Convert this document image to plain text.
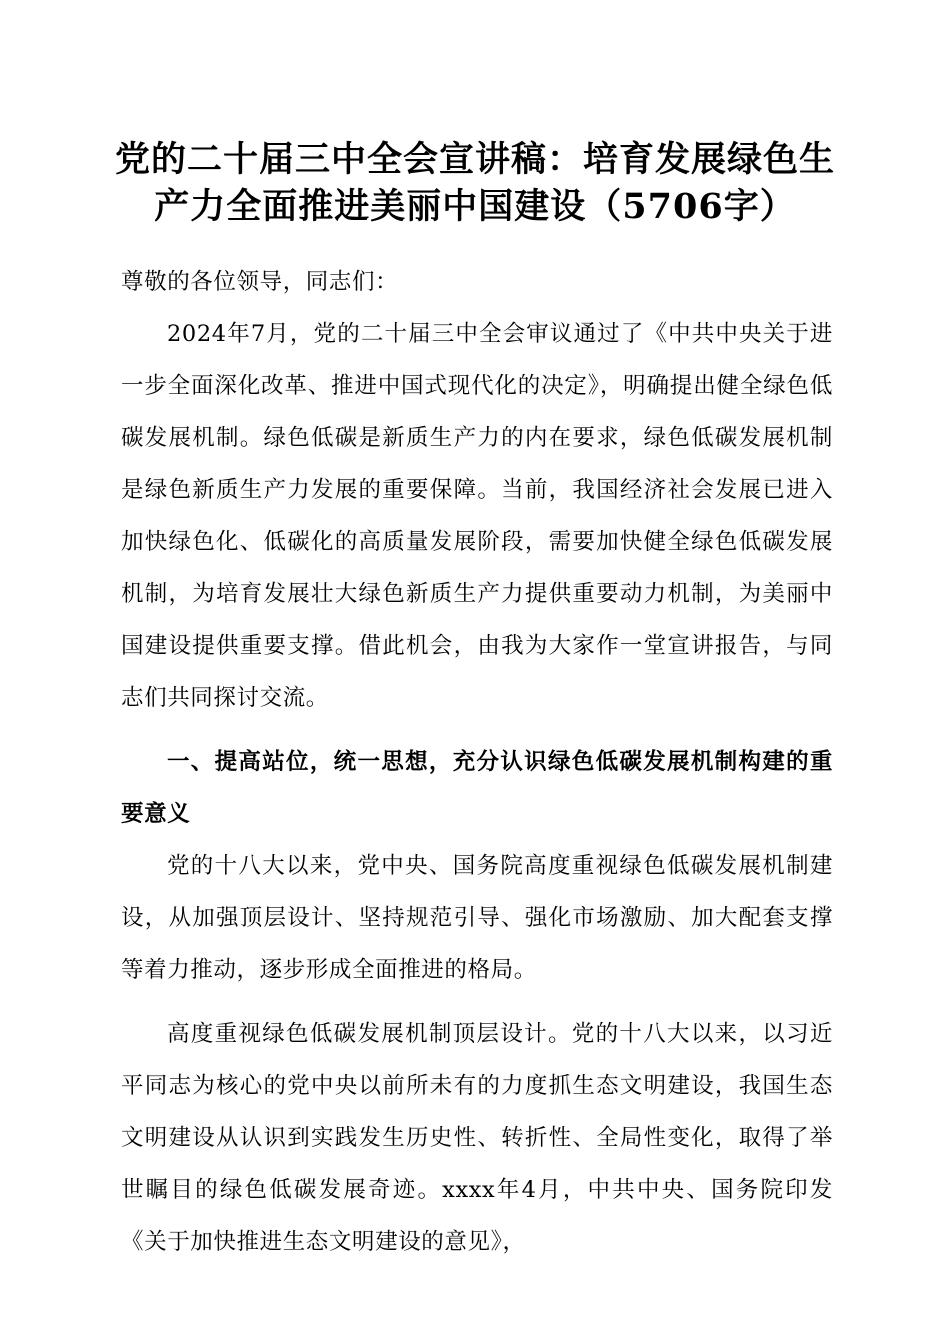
党的二十届三中全会宣讲稿：培育发展绿色生
产力全面推进美丽中国建设（5706字）

尊敬的各位领导，同志们：

2024年7月，党的二十届三中全会审议通过了《中共中央关于进一步全面深化改革、推进中国式现代化的决定》，明确提出健全绿色低碳发展机制。绿色低碳是新质生产力的内在要求，绿色低碳发展机制是绿色新质生产力发展的重要保障。当前，我国经济社会发展已进入加快绿色化、低碳化的高质量发展阶段，需要加快健全绿色低碳发展机制，为培育发展壮大绿色新质生产力提供重要动力机制，为美丽中国建设提供重要支撑。借此机会，由我为大家作一堂宣讲报告，与同志们共同探讨交流。

一、提高站位，统一思想，充分认识绿色低碳发展机制构建的重要意义

党的十八大以来，党中央、国务院高度重视绿色低碳发展机制建设，从加强顶层设计、坚持规范引导、强化市场激励、加大配套支撑等着力推动，逐步形成全面推进的格局。

高度重视绿色低碳发展机制顶层设计。党的十八大以来，以习近平同志为核心的党中央以前所未有的力度抓生态文明建设，我国生态文明建设从认识到实践发生历史性、转折性、全局性变化，取得了举世瞩目的绿色低碳发展奇迹。xxxx年4月，中共中央、国务院印发《关于加快推进生态文明建设的意见》，
